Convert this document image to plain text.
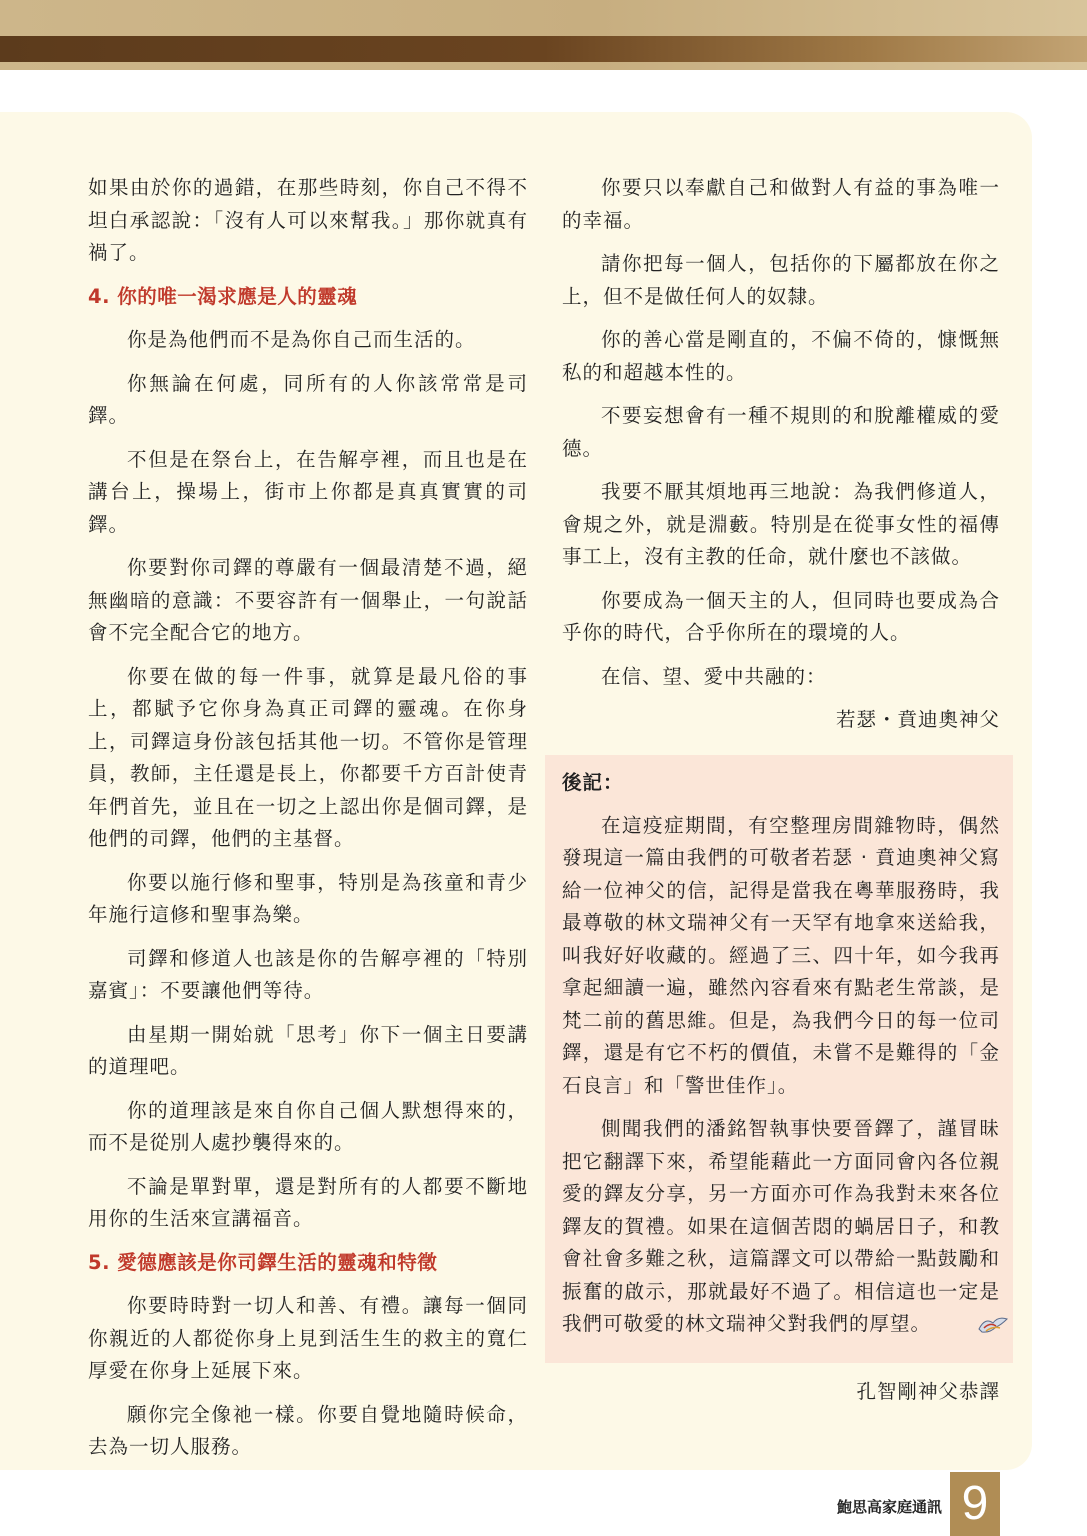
如果由於你的過錯，在那些時刻，你自己不得不坦白承認說：「沒有人可以來幫我。」那你就真有禍了。

4. 你的唯一渴求應是人的靈魂

你是為他們而不是為你自己而生活的。

你無論在何處，同所有的人你該常常是司鐸。

不但是在祭台上，在告解亭裡，而且也是在講台上，操場上，街市上你都是真真實實的司鐸。

你要對你司鐸的尊嚴有一個最清楚不過，絕無幽暗的意識：不要容許有一個舉止，一句說話會不完全配合它的地方。

你要在做的每一件事，就算是最凡俗的事上，都賦予它你身為真正司鐸的靈魂。在你身上，司鐸這身份該包括其他一切。不管你是管理員，教師，主任還是長上，你都要千方百計使青年們首先，並且在一切之上認出你是個司鐸，是他們的司鐸，他們的主基督。

你要以施行修和聖事，特別是為孩童和青少年施行這修和聖事為樂。

司鐸和修道人也該是你的告解亭裡的「特別嘉賓」：不要讓他們等待。

由星期一開始就「思考」你下一個主日要講的道理吧。

你的道理該是來自你自己個人默想得來的，而不是從別人處抄襲得來的。

不論是單對單，還是對所有的人都要不斷地用你的生活來宣講福音。

5. 愛德應該是你司鐸生活的靈魂和特徵

你要時時對一切人和善、有禮。讓每一個同你親近的人都從你身上見到活生生的救主的寬仁厚愛在你身上延展下來。

願你完全像祂一樣。你要自覺地隨時候命，去為一切人服務。

你要只以奉獻自己和做對人有益的事為唯一的幸福。

請你把每一個人，包括你的下屬都放在你之上，但不是做任何人的奴隸。

你的善心當是剛直的，不偏不倚的，慷慨無私的和超越本性的。

不要妄想會有一種不規則的和脫離權威的愛德。

我要不厭其煩地再三地說：為我們修道人，會規之外，就是淵藪。特別是在從事女性的福傳事工上，沒有主教的任命，就什麼也不該做。

你要成為一個天主的人，但同時也要成為合乎你的時代，合乎你所在的環境的人。

在信、望、愛中共融的：

若瑟・賁迪奧神父

後記：

在這疫症期間，有空整理房間雜物時，偶然發現這一篇由我們的可敬者若瑟 ‧ 賁迪奧神父寫給一位神父的信，記得是當我在粵華服務時，我最尊敬的林文瑞神父有一天罕有地拿來送給我，叫我好好收藏的。經過了三、四十年，如今我再拿起細讀一遍，雖然內容看來有點老生常談，是梵二前的舊思維。但是，為我們今日的每一位司鐸，還是有它不朽的價值，未嘗不是難得的「金石良言」和「警世佳作」。

側聞我們的潘銘智執事快要晉鐸了，謹冒昧把它翻譯下來，希望能藉此一方面同會內各位親愛的鐸友分享，另一方面亦可作為我對未來各位鐸友的賀禮。如果在這個苦悶的蝸居日子，和教會社會多難之秋，這篇譯文可以帶給一點鼓勵和振奮的啟示，那就最好不過了。相信這也一定是我們可敬愛的林文瑞神父對我們的厚望。

孔智剛神父恭譯
鮑思高家庭通訊 9
